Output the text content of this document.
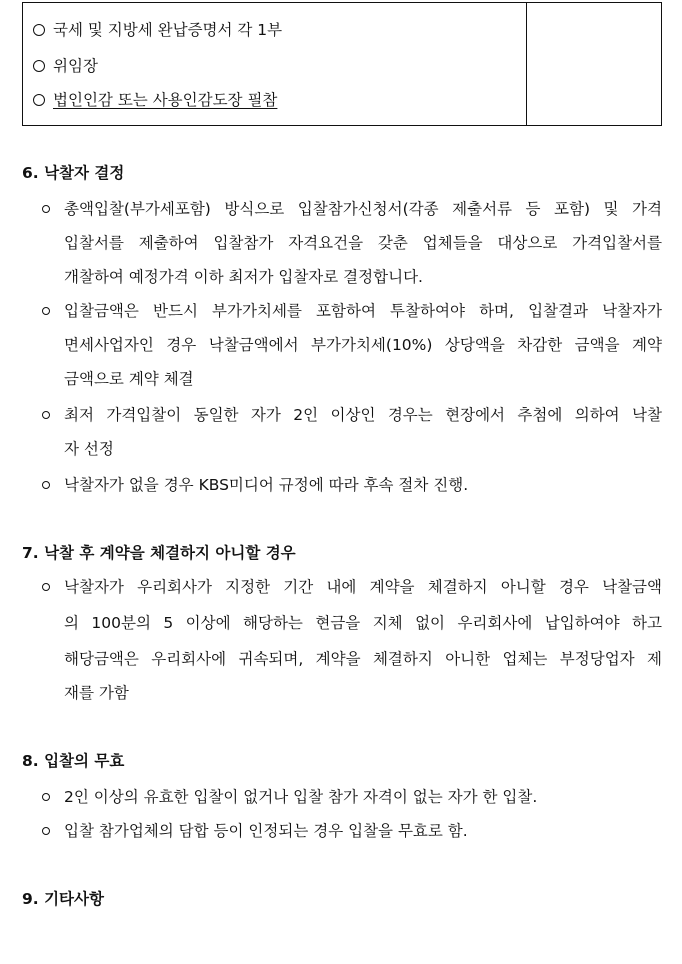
국세 및 지방세 완납증명서 각 1부
위임장
법인인감 또는 사용인감도장 필참
6. 낙찰자 결정
총액입찰(부가세포함) 방식으로 입찰참가신청서(각종 제출서류 등 포함) 및 가격
입찰서를 제출하여 입찰참가 자격요건을 갖춘 업체들을 대상으로 가격입찰서를
개찰하여 예정가격 이하 최저가 입찰자로 결정합니다.
입찰금액은 반드시 부가가치세를 포함하여 투찰하여야 하며, 입찰결과 낙찰자가
면세사업자인 경우 낙찰금액에서 부가가치세(10%) 상당액을 차감한 금액을 계약
금액으로 계약 체결
최저 가격입찰이 동일한 자가 2인 이상인 경우는 현장에서 추첨에 의하여 낙찰
자 선정
낙찰자가 없을 경우 KBS미디어 규정에 따라 후속 절차 진행.
7. 낙찰 후 계약을 체결하지 아니할 경우
낙찰자가 우리회사가 지정한 기간 내에 계약을 체결하지 아니할 경우 낙찰금액
의 100분의 5 이상에 해당하는 현금을 지체 없이 우리회사에 납입하여야 하고
해당금액은 우리회사에 귀속되며, 계약을 체결하지 아니한 업체는 부정당업자 제
재를 가함
8. 입찰의 무효
2인 이상의 유효한 입찰이 없거나 입찰 참가 자격이 없는 자가 한 입찰.
입찰 참가업체의 담합 등이 인정되는 경우 입찰을 무효로 함.
9. 기타사항
